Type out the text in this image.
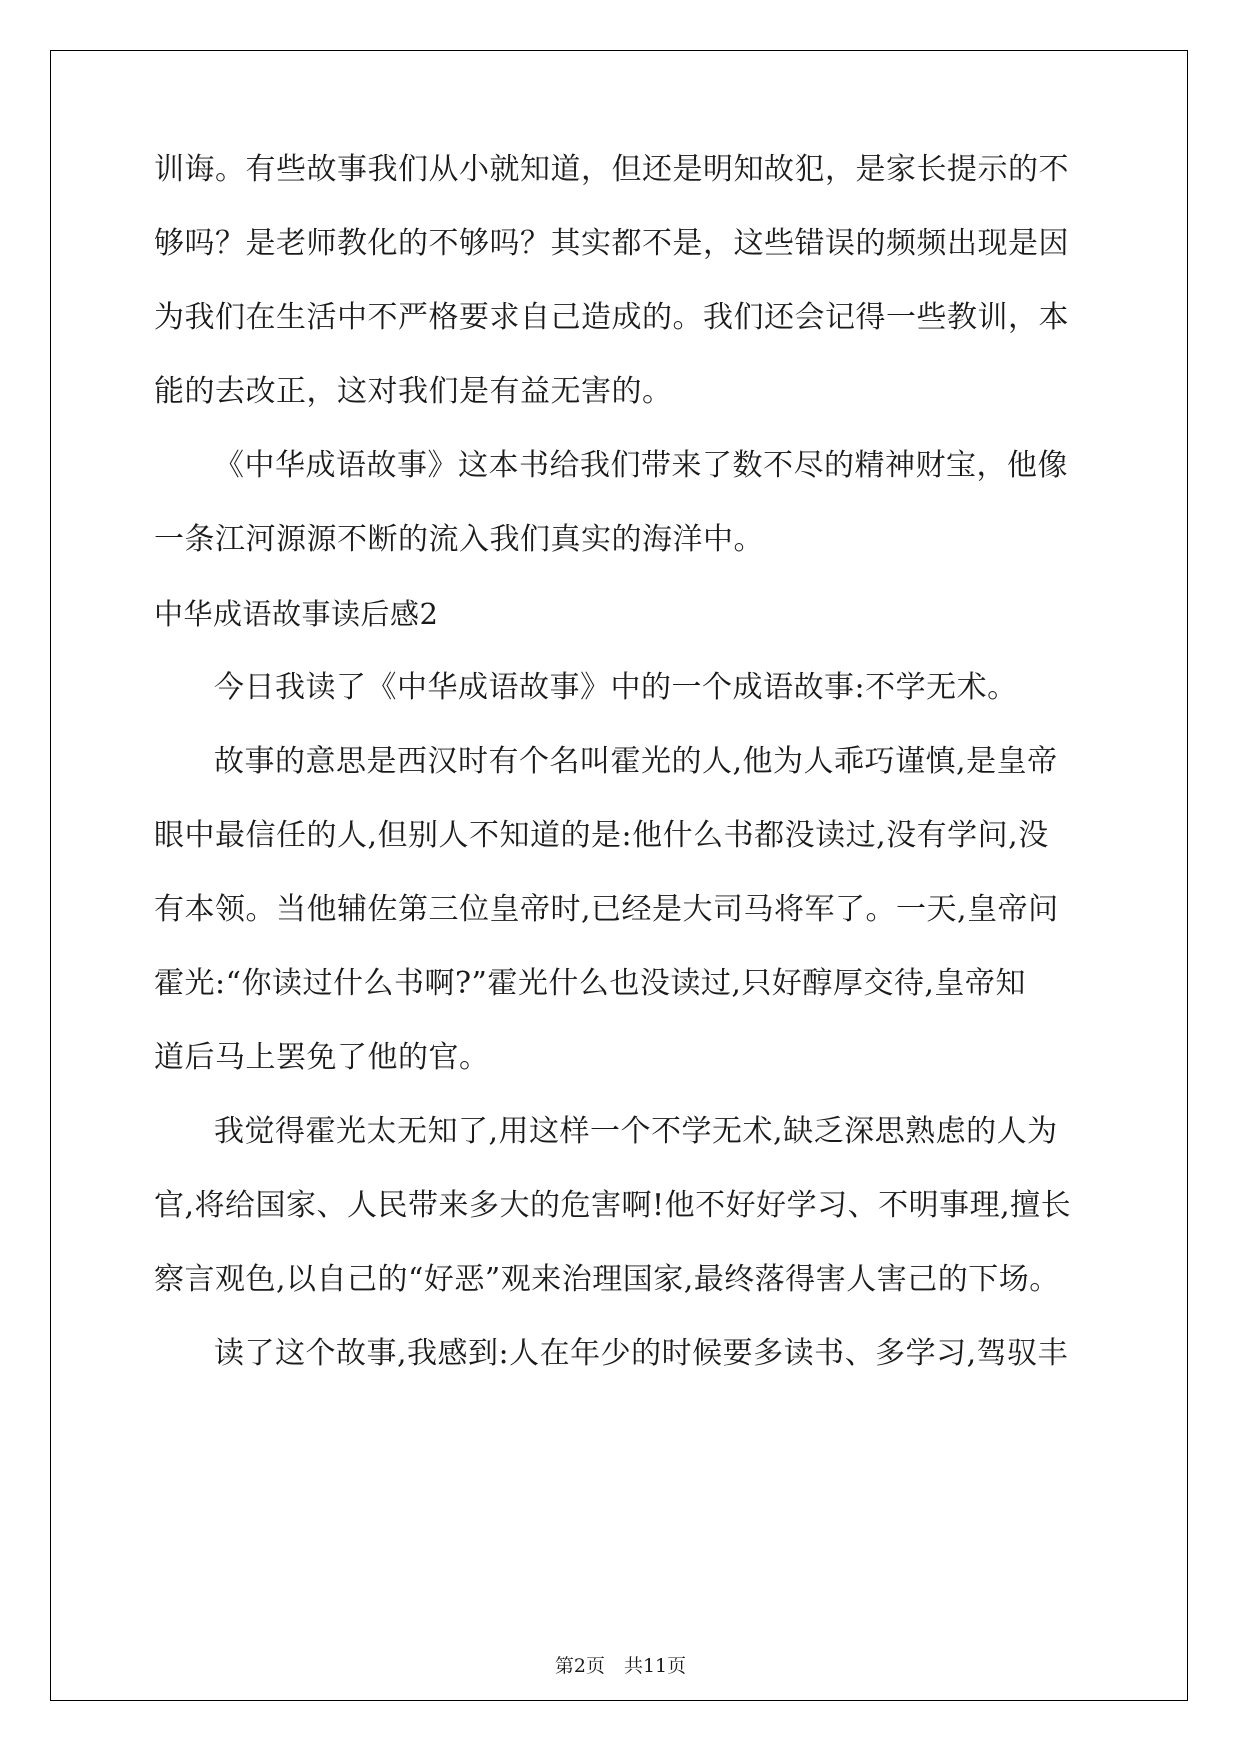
训诲。有些故事我们从小就知道，但还是明知故犯，是家长提示的不
够吗？是老师教化的不够吗？其实都不是，这些错误的频频出现是因
为我们在生活中不严格要求自己造成的。我们还会记得一些教训，本
能的去改正，这对我们是有益无害的。
《中华成语故事》这本书给我们带来了数不尽的精神财宝，他像
一条江河源源不断的流入我们真实的海洋中。
中华成语故事读后感2
今日我读了《中华成语故事》中的一个成语故事:不学无术。
故事的意思是西汉时有个名叫霍光的人,他为人乖巧谨慎,是皇帝
眼中最信任的人,但别人不知道的是:他什么书都没读过,没有学问,没
有本领。当他辅佐第三位皇帝时,已经是大司马将军了。一天,皇帝问
霍光:“你读过什么书啊?”霍光什么也没读过,只好醇厚交待,皇帝知
道后马上罢免了他的官。
我觉得霍光太无知了,用这样一个不学无术,缺乏深思熟虑的人为
官,将给国家、人民带来多大的危害啊!他不好好学习、不明事理,擅长
察言观色,以自己的“好恶”观来治理国家,最终落得害人害己的下场。
读了这个故事,我感到:人在年少的时候要多读书、多学习,驾驭丰
第2页　共11页
